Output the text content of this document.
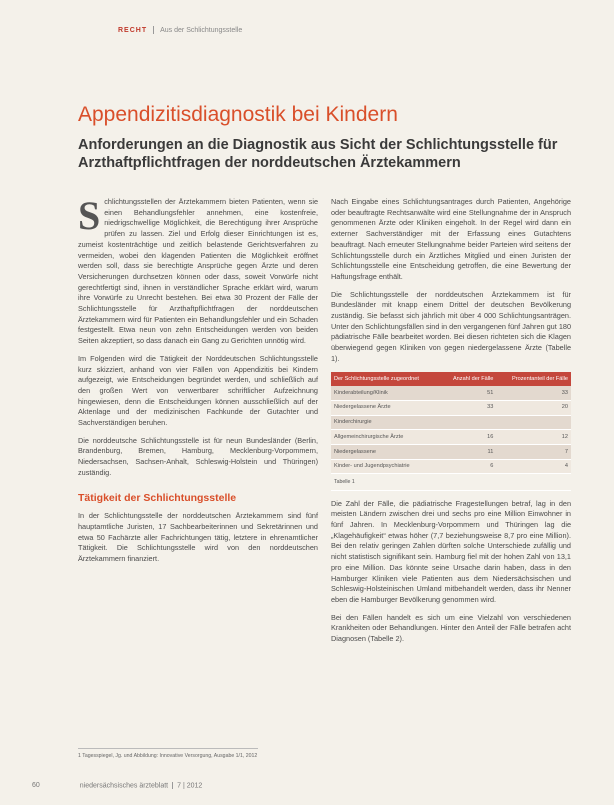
RECHT Aus der Schlichtungsstelle
Appendizitisdiagnostik bei Kindern
Anforderungen an die Diagnostik aus Sicht der Schlichtungsstelle für Arzthaftpflichtfragen der norddeutschen Ärztekammern

Schlichtungsstellen der Ärztekammern bieten Patienten, wenn sie einen Behandlungsfehler annehmen, eine kostenfreie, niedrigschwellige Möglichkeit, die Berechtigung ihrer Ansprüche prüfen zu lassen. Ziel und Erfolg dieser Einrichtungen ist es, zumeist kostenträchtige und zeitlich belastende Gerichtsverfahren zu vermeiden, wobei den klagenden Patienten die Möglichkeit eröffnet werden soll, dass sie berechtigte Ansprüche gegen Ärzte und deren Versicherungen durchsetzen können oder dass, soweit Vorwürfe nicht gerechtfertigt sind, ihnen in verständlicher Sprache erklärt wird, warum ihre Vorwürfe zu Unrecht bestehen. Bei etwa 30 Prozent der Fälle der Schlichtungsstelle für Arzthaftpflichtfragen der norddeutschen Ärztekammern wird für Patienten ein Behandlungsfehler und ein Schaden festgestellt. Etwa neun von zehn Entscheidungen werden von beiden Seiten akzeptiert, so dass danach ein Gang zu Gerichten unnötig wird.

Im Folgenden wird die Tätigkeit der Norddeutschen Schlichtungsstelle kurz skizziert, anhand von vier Fällen von Appendizitis bei Kindern aufgezeigt, wie Entscheidungen begründet werden, und schließlich auf den großen Wert von verwertbarer schriftlicher Aufzeichnung hingewiesen, denn die Entscheidungen können ausschließlich auf der Aktenlage und der medizinischen Fachkunde der Gutachter und Sachverständigen beruhen.

Die norddeutsche Schlichtungsstelle ist für neun Bundesländer (Berlin, Brandenburg, Bremen, Hamburg, Mecklenburg-Vorpommern, Niedersachsen, Sachsen-Anhalt, Schleswig-Holstein und Thüringen) zuständig.

Tätigkeit der Schlichtungsstelle

In der Schlichtungsstelle der norddeutschen Ärztekammern sind fünf hauptamtliche Juristen, 17 Sachbearbeiterinnen und Sekretärinnen und etwa 50 Fachärzte aller Fachrichtungen tätig, letztere in ehrenamtlicher Tätigkeit. Die Schlichtungsstelle wird von den norddeutschen Ärztekammern finanziert.

Nach Eingabe eines Schlichtungsantrages durch Patienten, Angehörige oder beauftragte Rechtsanwälte wird eine Stellungnahme der in Anspruch genommenen Ärzte oder Kliniken eingeholt. In der Regel wird dann ein externer Sachverständiger mit der Erfassung eines Gutachtens beauftragt. Nach erneuter Stellungnahme beider Parteien wird seitens der Schlichtungsstelle durch ein Ärztliches Mitglied und einen Juristen der Schlichtungsstelle eine Entscheidung getroffen, die eine Bewertung der Haftungsfrage enthält.

Die Schlichtungsstelle der norddeutschen Ärztekammern ist für Bundesländer mit knapp einem Drittel der deutschen Bevölkerung zuständig. Sie befasst sich jährlich mit über 4 000 Schlichtungsanträgen. Unter den Schlichtungsfällen sind in den vergangenen fünf Jahren gut 180 pädiatrische Fälle bearbeitet worden. Bei diesen richteten sich die Klagen überwiegend gegen Kliniken von gegen niedergelassene Ärzte (Tabelle 1).

Der Schlichtungsstelle zugeordnet	Anzahl der Fälle	Prozentanteil der Fälle
Kinderabteilung/Klinik	51	33
Niedergelassene Ärzte	33	20
Kinderchirurgie		
Allgemeinchirurgische Ärzte	16	12
Niedergelassene	11	7
Kinder- und Jugendpsychiatrie	6	4
Tabelle 1		

Die Zahl der Fälle, die pädiatrische Fragestellungen betraf, lag in den meisten Ländern zwischen drei und sechs pro eine Million Einwohner in fünf Jahren. In Mecklenburg-Vorpommern und Thüringen lag die „Klagehäufigkeit“ etwas höher (7,7 beziehungsweise 8,7 pro eine Million). Bei den relativ geringen Zahlen dürften solche Unterschiede zufällig und nicht statistisch signifikant sein. Hamburg fiel mit der hohen Zahl von 13,1 pro eine Million. Das könnte seine Ursache darin haben, dass in den Hamburger Kliniken viele Patienten aus dem Niedersächsischen und Schleswig-Holsteinischen Umland mitbehandelt werden, dass ihr Nenner eben die Hamburger Bevölkerung genommen wird.

Bei den Fällen handelt es sich um eine Vielzahl von verschiedenen Krankheiten oder Behandlungen. Hinter den Anteil der Fälle betrafen acht Diagnosen (Tabelle 2).

1 Tagesspiegel, Jg. und Abbildung: Innovative Versorgung, Ausgabe 1/1, 2012
60	niedersächsisches ärzteblatt 7 | 2012
